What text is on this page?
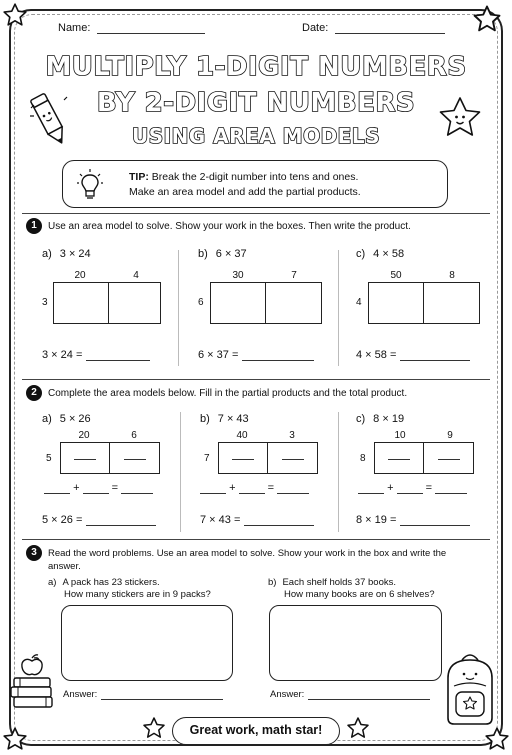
Name:	Date:
MULTIPLY 1-DIGIT NUMBERS
BY 2-DIGIT NUMBERS
USING AREA MODELS
TIP: Break the 2-digit number into tens and ones.
Make an area model and add the partial products.
1	Use an area model to solve. Show your work in the boxes. Then write the product.
a) 3 × 24
20	4
3
3 × 24 =
b) 6 × 37
30	7
6
6 × 37 =
c) 4 × 58
50	8
4
4 × 58 =
2	Complete the area models below. Fill in the partial products and the total product.
a) 5 × 26
20	6
5
+	=
5 × 26 =
b) 7 × 43
40	3
7
+	=
7 × 43 =
c) 8 × 19
10	9
8
+	=
8 × 19 =
3	Read the word problems. Use an area model to solve. Show your work in the box and write the
answer.
a) A pack has 23 stickers.
How many stickers are in 9 packs?
Answer:
b) Each shelf holds 37 books.
How many books are on 6 shelves?
Answer:
Great work, math star!
